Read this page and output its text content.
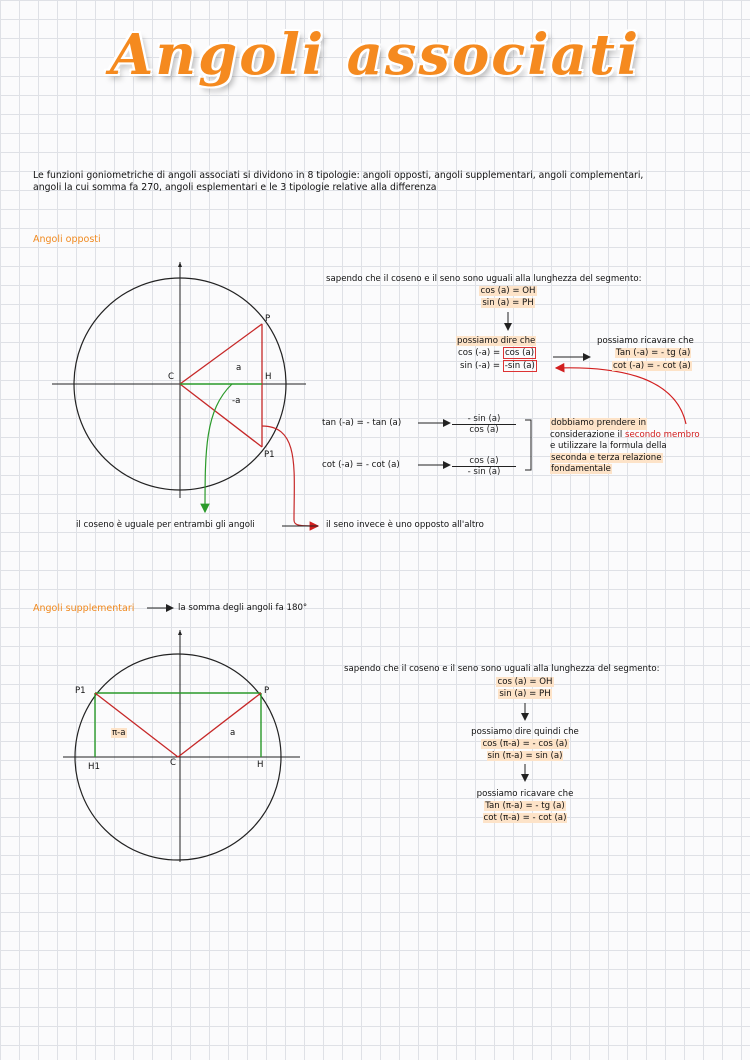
Angoli associati
Le funzioni goniometriche di angoli associati si dividono in 8 tipologie: angoli opposti, angoli supplementari, angoli complementari,
angoli la cui somma fa 270, angoli esplementari e le 3 tipologie relative alla differenza
Angoli opposti
C	H
P
P1
a
-a
il coseno è uguale per entrambi gli angoli	il seno invece è uno opposto all'altro
sapendo che il coseno e il seno sono uguali alla lunghezza del segmento:
cos (a) = OH
sin (a) = PH
possiamo dire che
cos (-a) = cos (a)
sin (-a) = -sin (a)
possiamo ricavare che
Tan (-a) = - tg (a)
cot (-a) = - cot (a)
tan (-a) = - tan (a)
cot (-a) = - cot (a)
$\frac{- \sin (a)}{\cos (a)}$
$\frac{\cos (a)}{- \sin (a)}$
dobbiamo prendere in
considerazione il secondo membro
e utilizzare la formula della
seconda e terza relazione
fondamentale
Angoli supplementari	la somma degli angoli fa 180°
P1	P
H1	C	H
π-a	a
sapendo che il coseno e il seno sono uguali alla lunghezza del segmento:
cos (a) = OH
sin (a) = PH
possiamo dire quindi che
cos (π-a) = - cos (a)
sin (π-a) = sin (a)
possiamo ricavare che
Tan (π-a) = - tg (a)
cot (π-a) = - cot (a)
